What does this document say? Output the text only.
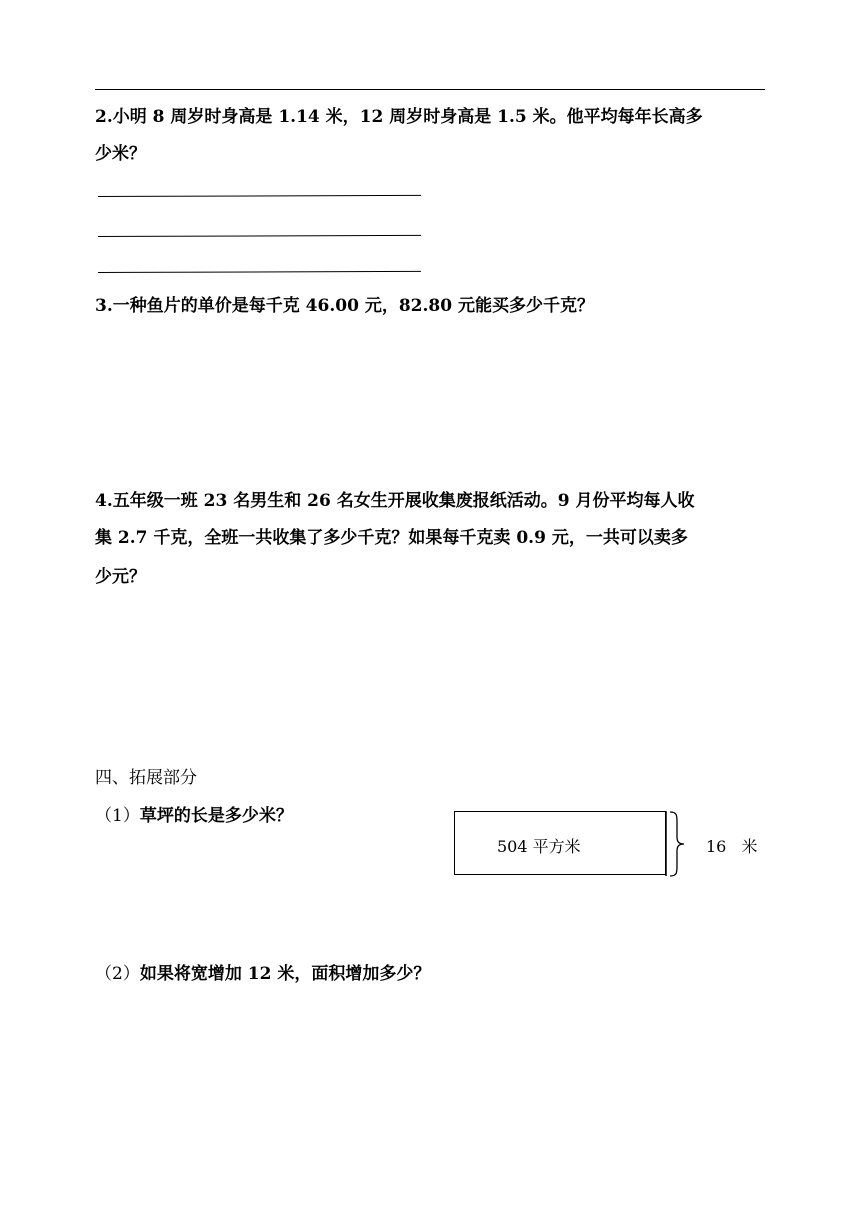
2.小明 8 周岁时身高是 1.14 米，12 周岁时身高是 1.5 米。他平均每年长高多
少米？
3.一种鱼片的单价是每千克 46.00 元，82.80 元能买多少千克？
4.五年级一班 23 名男生和 26 名女生开展收集废报纸活动。9 月份平均每人收
集 2.7 千克，全班一共收集了多少千克？如果每千克卖 0.9 元，一共可以卖多
少元？
四、拓展部分
（1）草坪的长是多少米？
504 平方米	16 米
（2）如果将宽增加 12 米，面积增加多少？
